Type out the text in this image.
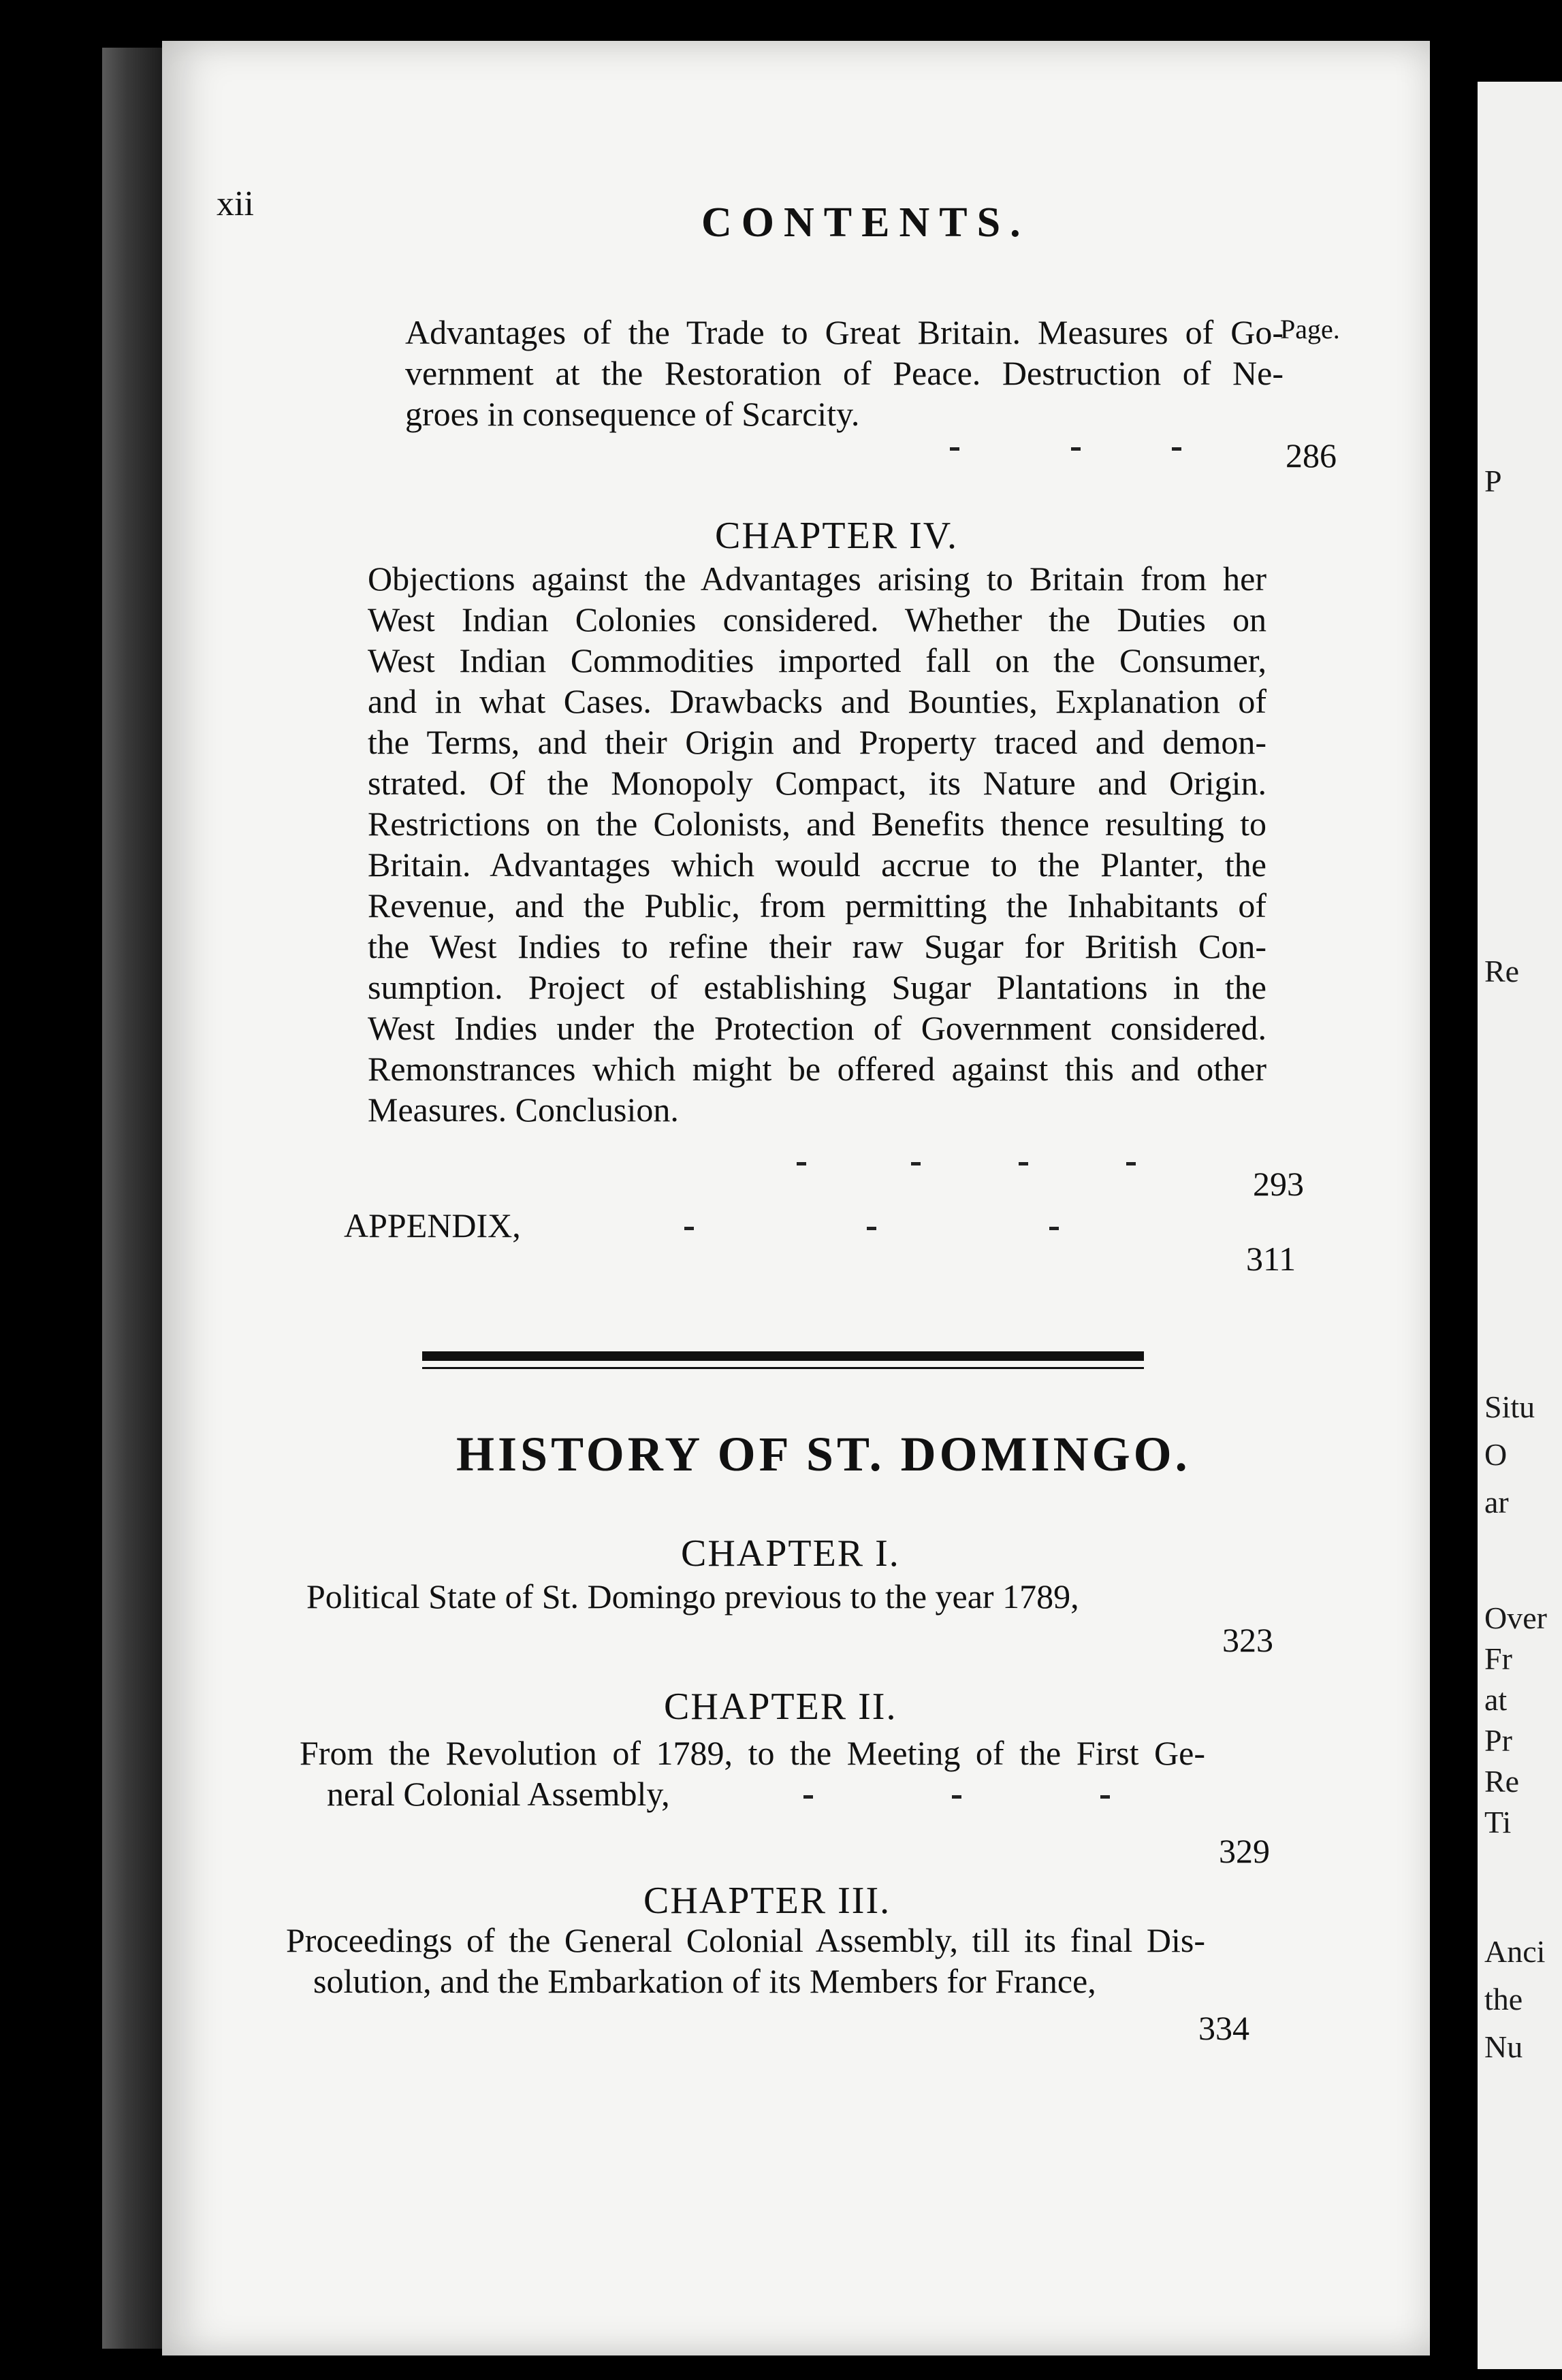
P
Re
Situ
O
ar
Over
Fr
at
Pr
Re
Ti
Anci
the
Nu
xii	CONTENTS.
Page.
Advantages of the Trade to Great Britain. Measures of Go-
vernment at the Restoration of Peace. Destruction of Ne-
groes in consequence of Scarcity.

286
CHAPTER IV.
Objections against the Advantages arising to Britain from her
West Indian Colonies considered. Whether the Duties on
West Indian Commodities imported fall on the Consumer,
and in what Cases. Drawbacks and Bounties, Explanation of
the Terms, and their Origin and Property traced and demon-
strated. Of the Monopoly Compact, its Nature and Origin.
Restrictions on the Colonists, and Benefits thence resulting to
Britain. Advantages which would accrue to the Planter, the
Revenue, and the Public, from permitting the Inhabitants of
the West Indies to refine their raw Sugar for British Con-
sumption. Project of establishing Sugar Plantations in the
West Indies under the Protection of Government considered.
Remonstrances which might be offered against this and other
Measures. Conclusion.

293
APPENDIX,

311
HISTORY OF ST. DOMINGO.
CHAPTER I.
Political State of St. Domingo previous to the year 1789,
323
CHAPTER II.
From the Revolution of 1789, to the Meeting of the First Ge-
neral Colonial Assembly,

329
CHAPTER III.
Proceedings of the General Colonial Assembly, till its final Dis-
solution, and the Embarkation of its Members for France,
334
